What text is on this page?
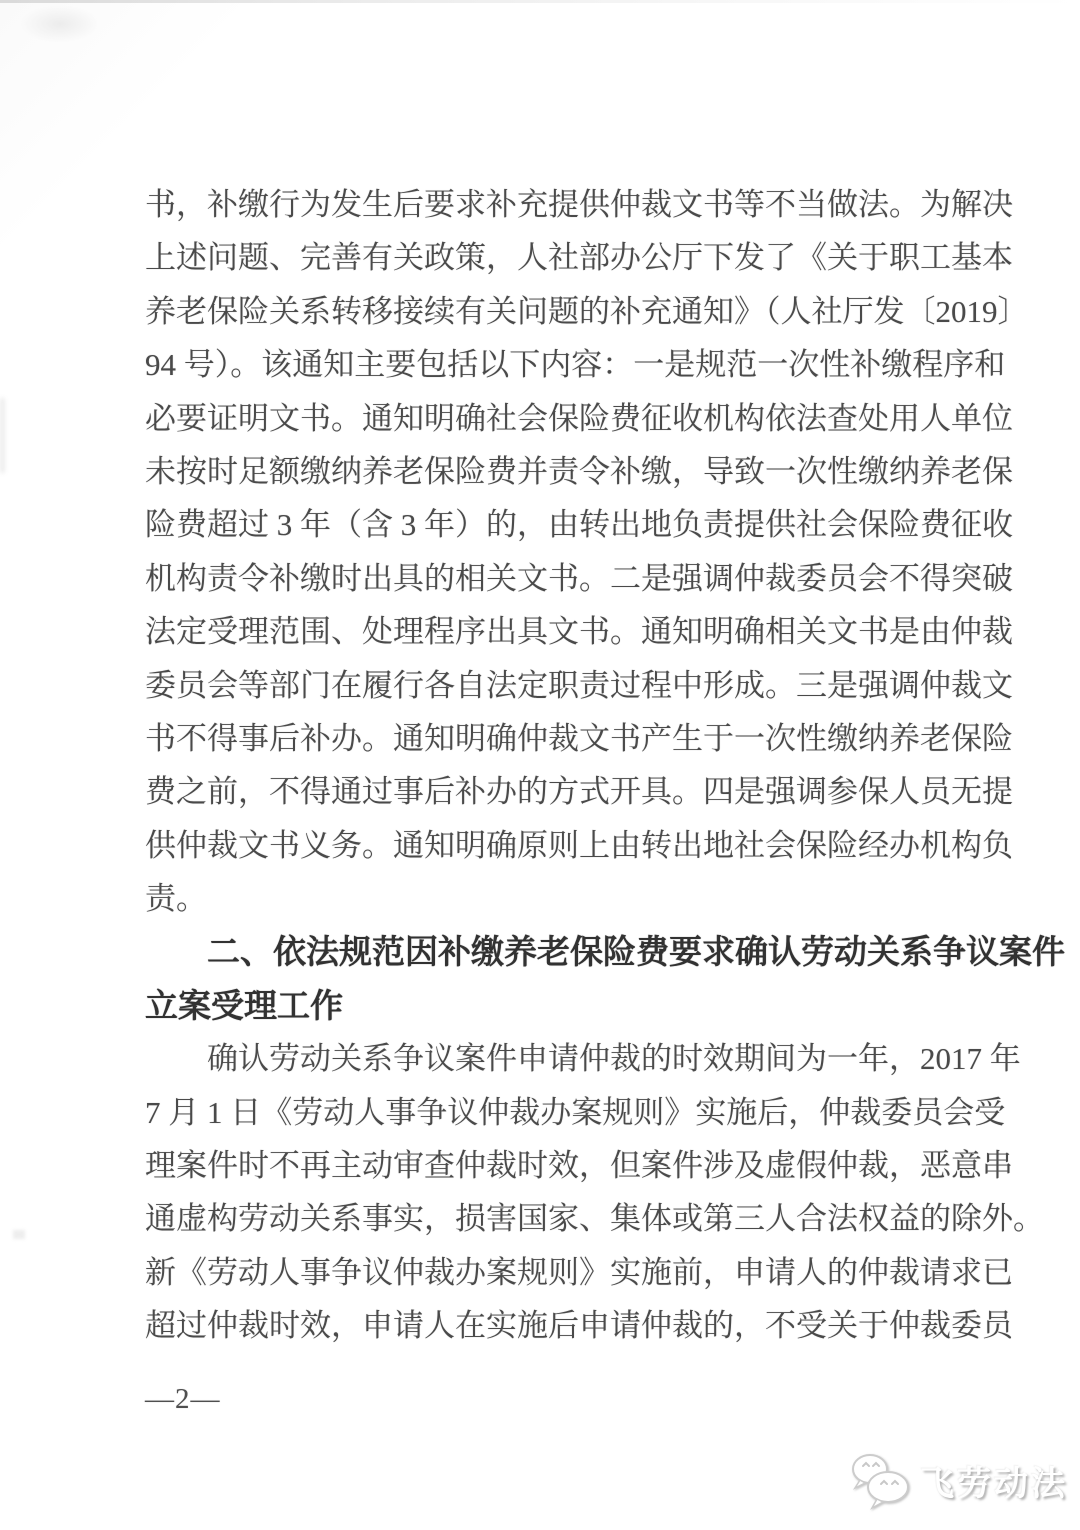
书，补缴行为发生后要求补充提供仲裁文书等不当做法。为解决
上述问题、完善有关政策，人社部办公厅下发了《关于职工基本
养老保险关系转移接续有关问题的补充通知》（人社厅发〔2019〕
94 号）。该通知主要包括以下内容：一是规范一次性补缴程序和
必要证明文书。通知明确社会保险费征收机构依法查处用人单位
未按时足额缴纳养老保险费并责令补缴，导致一次性缴纳养老保
险费超过 3 年（含 3 年）的，由转出地负责提供社会保险费征收
机构责令补缴时出具的相关文书。二是强调仲裁委员会不得突破
法定受理范围、处理程序出具文书。通知明确相关文书是由仲裁
委员会等部门在履行各自法定职责过程中形成。三是强调仲裁文
书不得事后补办。通知明确仲裁文书产生于一次性缴纳养老保险
费之前，不得通过事后补办的方式开具。四是强调参保人员无提
供仲裁文书义务。通知明确原则上由转出地社会保险经办机构负
责。
二、依法规范因补缴养老保险费要求确认劳动关系争议案件
立案受理工作
确认劳动关系争议案件申请仲裁的时效期间为一年，2017 年
7 月 1 日《劳动人事争议仲裁办案规则》实施后，仲裁委员会受
理案件时不再主动审查仲裁时效，但案件涉及虚假仲裁，恶意串
通虚构劳动关系事实，损害国家、集体或第三人合法权益的除外。
新《劳动人事争议仲裁办案规则》实施前，申请人的仲裁请求已
超过仲裁时效，申请人在实施后申请仲裁的，不受关于仲裁委员
—2—
飞劳动法
